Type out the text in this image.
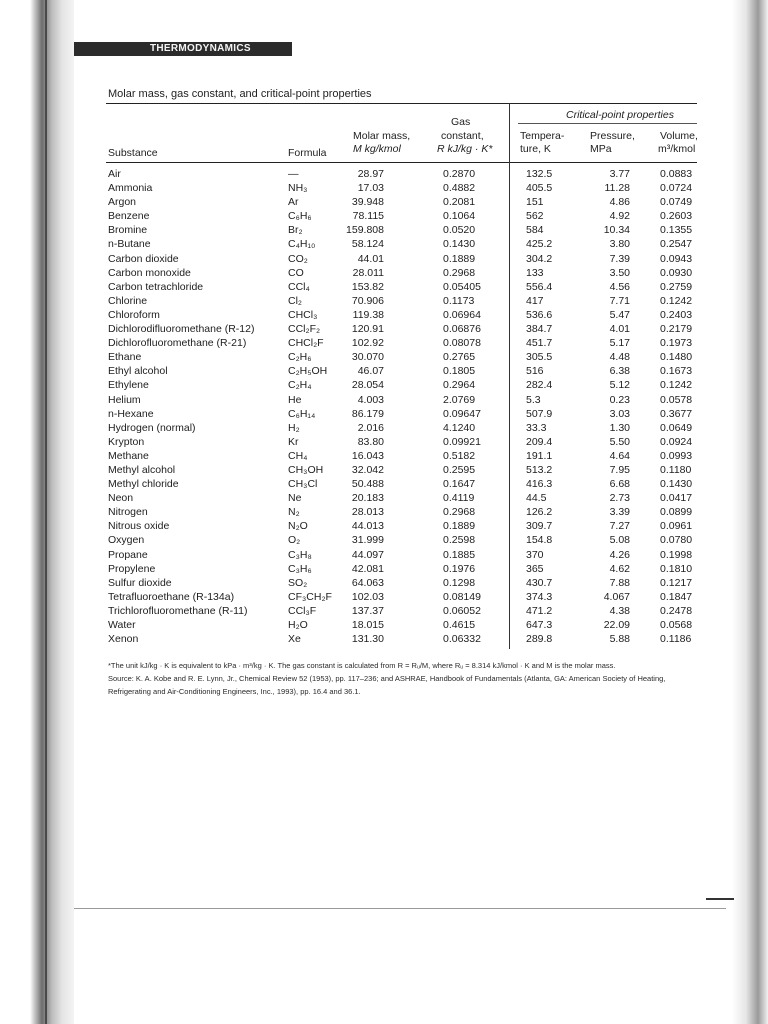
THERMODYNAMICS
Molar mass, gas constant, and critical-point properties
Substance	Formula
Molar mass,
M kg/kmol
Gas
constant,
R kJ/kg · K*
Critical-point properties
Tempera-
ture, K
Pressure,
MPa
Volume,
m³/kmol
Air	—	28.97	0.2870	132.5	3.77	0.0883
Ammonia	NH₃	17.03	0.4882	405.5	11.28	0.0724
Argon	Ar	39.948	0.2081	151	4.86	0.0749
Benzene	C₆H₆	78.115	0.1064	562	4.92	0.2603
Bromine	Br₂	159.808	0.0520	584	10.34	0.1355
n-Butane	C₄H₁₀	58.124	0.1430	425.2	3.80	0.2547
Carbon dioxide	CO₂	44.01	0.1889	304.2	7.39	0.0943
Carbon monoxide	CO	28.011	0.2968	133	3.50	0.0930
Carbon tetrachloride	CCl₄	153.82	0.05405	556.4	4.56	0.2759
Chlorine	Cl₂	70.906	0.1173	417	7.71	0.1242
Chloroform	CHCl₃	119.38	0.06964	536.6	5.47	0.2403
Dichlorodifluoromethane (R-12)	CCl₂F₂	120.91	0.06876	384.7	4.01	0.2179
Dichlorofluoromethane (R-21)	CHCl₂F	102.92	0.08078	451.7	5.17	0.1973
Ethane	C₂H₆	30.070	0.2765	305.5	4.48	0.1480
Ethyl alcohol	C₂H₅OH	46.07	0.1805	516	6.38	0.1673
Ethylene	C₂H₄	28.054	0.2964	282.4	5.12	0.1242
Helium	He	4.003	2.0769	5.3	0.23	0.0578
n-Hexane	C₆H₁₄	86.179	0.09647	507.9	3.03	0.3677
Hydrogen (normal)	H₂	2.016	4.1240	33.3	1.30	0.0649
Krypton	Kr	83.80	0.09921	209.4	5.50	0.0924
Methane	CH₄	16.043	0.5182	191.1	4.64	0.0993
Methyl alcohol	CH₃OH	32.042	0.2595	513.2	7.95	0.1180
Methyl chloride	CH₃Cl	50.488	0.1647	416.3	6.68	0.1430
Neon	Ne	20.183	0.4119	44.5	2.73	0.0417
Nitrogen	N₂	28.013	0.2968	126.2	3.39	0.0899
Nitrous oxide	N₂O	44.013	0.1889	309.7	7.27	0.0961
Oxygen	O₂	31.999	0.2598	154.8	5.08	0.0780
Propane	C₃H₈	44.097	0.1885	370	4.26	0.1998
Propylene	C₃H₆	42.081	0.1976	365	4.62	0.1810
Sulfur dioxide	SO₂	64.063	0.1298	430.7	7.88	0.1217
Tetrafluoroethane (R-134a)	CF₃CH₂F 102.03	0.08149	374.3	4.067	0.1847
Trichlorofluoromethane (R-11)	CCl₃F	137.37	0.06052	471.2	4.38	0.2478
Water	H₂O	18.015	0.4615	647.3	22.09	0.0568
Xenon	Xe	131.30	0.06332	289.8	5.88	0.1186

*The unit kJ/kg · K is equivalent to kPa · m³/kg · K. The gas constant is calculated from R = Rᵤ/M, where Rᵤ = 8.314 kJ/kmol · K and M is the molar mass.

Source: K. A. Kobe and R. E. Lynn, Jr., Chemical Review 52 (1953), pp. 117–236; and ASHRAE, Handbook of Fundamentals (Atlanta, GA: American Society of Heating, Refrigerating and Air-Conditioning Engineers, Inc., 1993), pp. 16.4 and 36.1.
